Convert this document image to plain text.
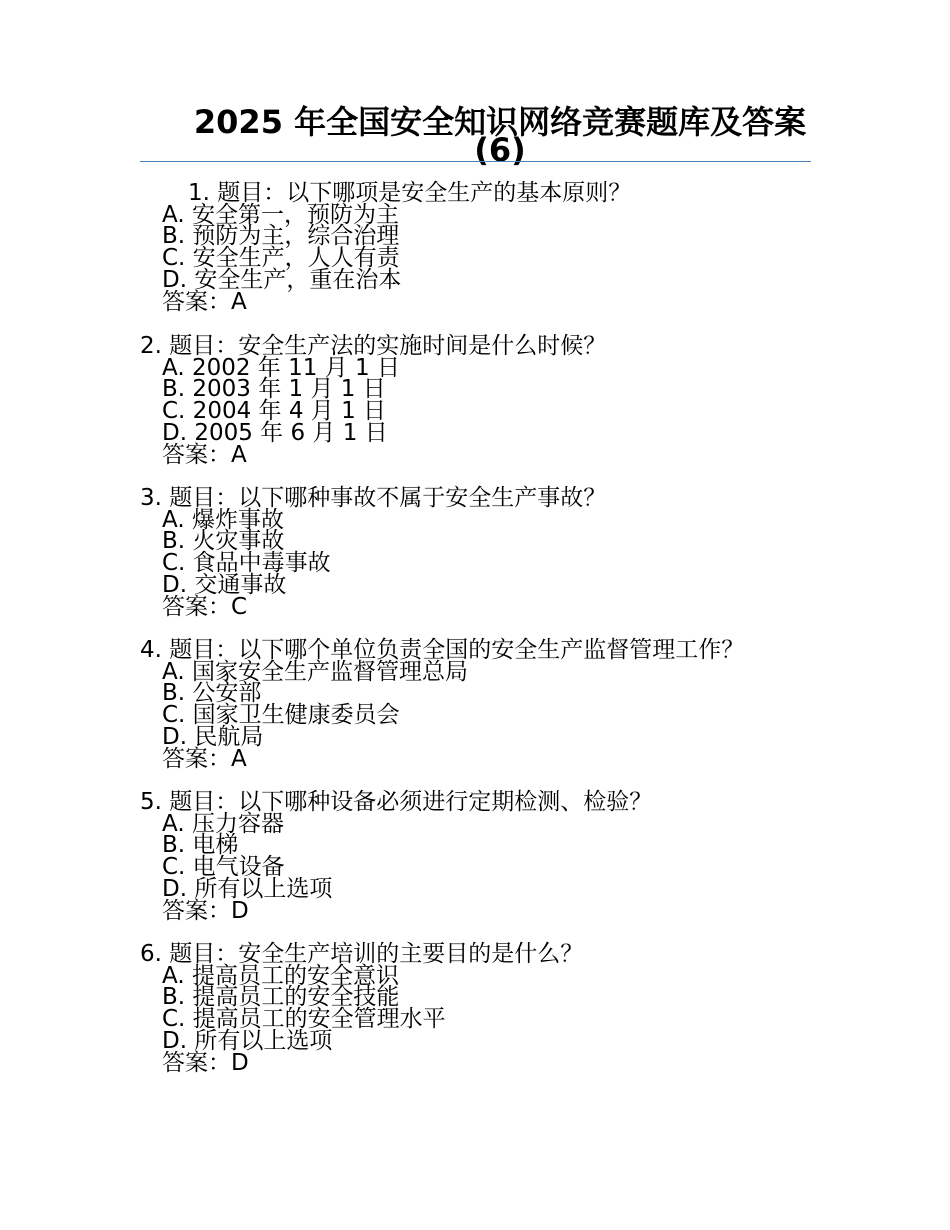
2025 年全国安全知识网络竞赛题库及答案(6)
1. 题目：以下哪项是安全生产的基本原则？
A. 安全第一，预防为主
B. 预防为主，综合治理
C. 安全生产，人人有责
D. 安全生产，重在治本
答案：A
2. 题目：安全生产法的实施时间是什么时候？
A. 2002 年 11 月 1 日
B. 2003 年 1 月 1 日
C. 2004 年 4 月 1 日
D. 2005 年 6 月 1 日
答案：A
3. 题目：以下哪种事故不属于安全生产事故？
A. 爆炸事故
B. 火灾事故
C. 食品中毒事故
D. 交通事故
答案：C
4. 题目：以下哪个单位负责全国的安全生产监督管理工作？
A. 国家安全生产监督管理总局
B. 公安部
C. 国家卫生健康委员会
D. 民航局
答案：A
5. 题目：以下哪种设备必须进行定期检测、检验？
A. 压力容器
B. 电梯
C. 电气设备
D. 所有以上选项
答案：D
6. 题目：安全生产培训的主要目的是什么？
A. 提高员工的安全意识
B. 提高员工的安全技能
C. 提高员工的安全管理水平
D. 所有以上选项
答案：D
